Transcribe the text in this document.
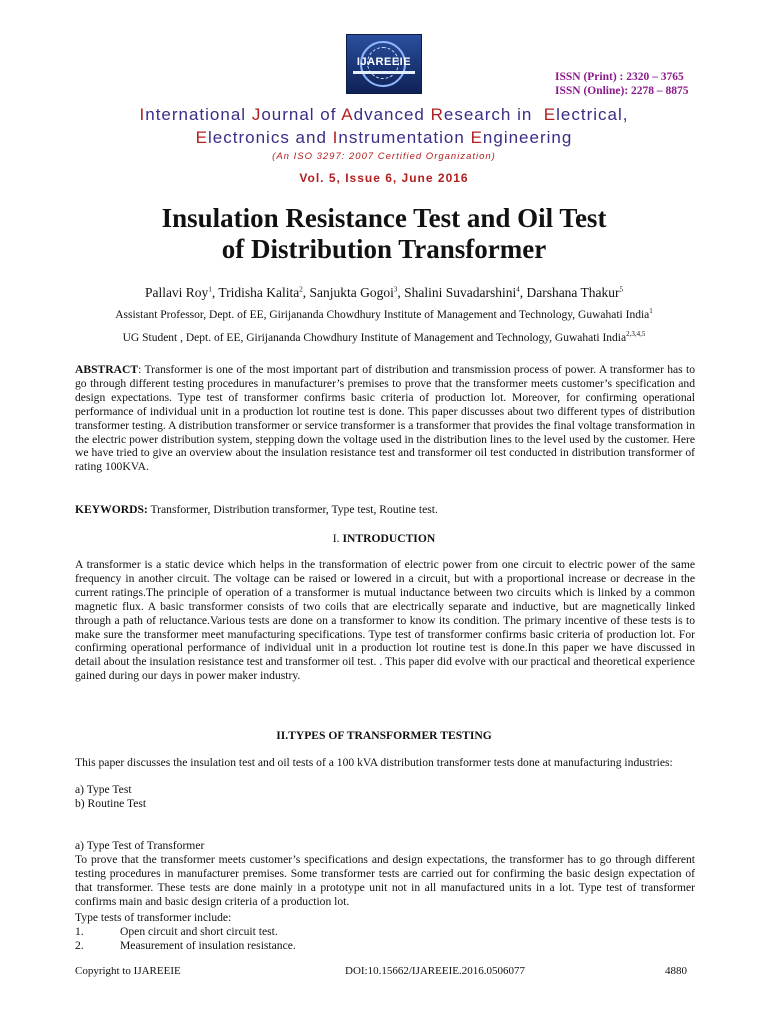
IJAREEIE
ISSN (Print) : 2320 – 3765
ISSN (Online): 2278 – 8875
International Journal of Advanced Research in  Electrical,
Electronics and Instrumentation Engineering
(An ISO 3297: 2007 Certified Organization)
Vol. 5, Issue 6, June 2016
Insulation Resistance Test and Oil Test
of Distribution Transformer
Pallavi Roy$^1$, Tridisha Kalita$^2$, Sanjukta Gogoi$^3$, Shalini Suvadarshini$^4$, Darshana Thakur$^5$
Assistant Professor, Dept. of EE, Girijananda Chowdhury Institute of Management and Technology, Guwahati India$^1$
UG Student , Dept. of EE, Girijananda Chowdhury Institute of Management and Technology, Guwahati India$^{2,3,4,5}$
ABSTRACT: Transformer is one of the most important part of distribution and transmission process of power. A transformer has to go through different testing procedures in manufacturer’s premises to prove that the transformer meets customer’s specification and design expectations. Type test of transformer confirms basic criteria of production lot. Moreover, for confirming operational performance of individual unit in a production lot routine test is done. This paper discusses about two different types of distribution transformer testing. A distribution transformer or service transformer is a transformer that provides the final voltage transformation in the electric power distribution system, stepping down the voltage used in the distribution lines to the level used by the customer. Here we have tried to give an overview about the insulation resistance test and transformer oil test conducted in distribution transformer of rating 100KVA.
KEYWORDS: Transformer, Distribution transformer, Type test, Routine test.
I. INTRODUCTION
A transformer is a static device which helps in the transformation of electric power from one circuit to electric power of the same frequency in another circuit. The voltage can be raised or lowered in a circuit, but with a proportional increase or decrease in the current ratings.The principle of operation of a transformer is mutual inductance between two circuits which is linked by a common magnetic flux. A basic transformer consists of two coils that are electrically separate and inductive, but are magnetically linked through a path of reluctance.Various tests are done on a transformer to know its condition. The primary incentive of these tests is to make sure the transformer meet manufacturing specifications. Type test of transformer confirms basic criteria of production lot. For confirming operational performance of individual unit in a production lot routine test is done.In this paper we have discussed in detail about the insulation resistance test and transformer oil test. . This paper did evolve with our practical and theoretical experience gained during our days in power maker industry.
II.TYPES OF TRANSFORMER TESTING
This paper discusses the insulation test and oil tests of a 100 kVA distribution transformer tests done at manufacturing industries:
a) Type Test
b) Routine Test
a) Type Test of Transformer
To prove that the transformer meets customer’s specifications and design expectations, the transformer has to go through different testing procedures in manufacturer premises. Some transformer tests are carried out for confirming the basic design expectation of that transformer. These tests are done mainly in a prototype unit not in all manufactured units in a lot. Type test of transformer confirms main and basic design criteria of a production lot.
Type tests of transformer include:
1.	Open circuit and short circuit test.
2.	Measurement of insulation resistance.
Copyright to IJAREEIE	DOI:10.15662/IJAREEIE.2016.0506077	4880
